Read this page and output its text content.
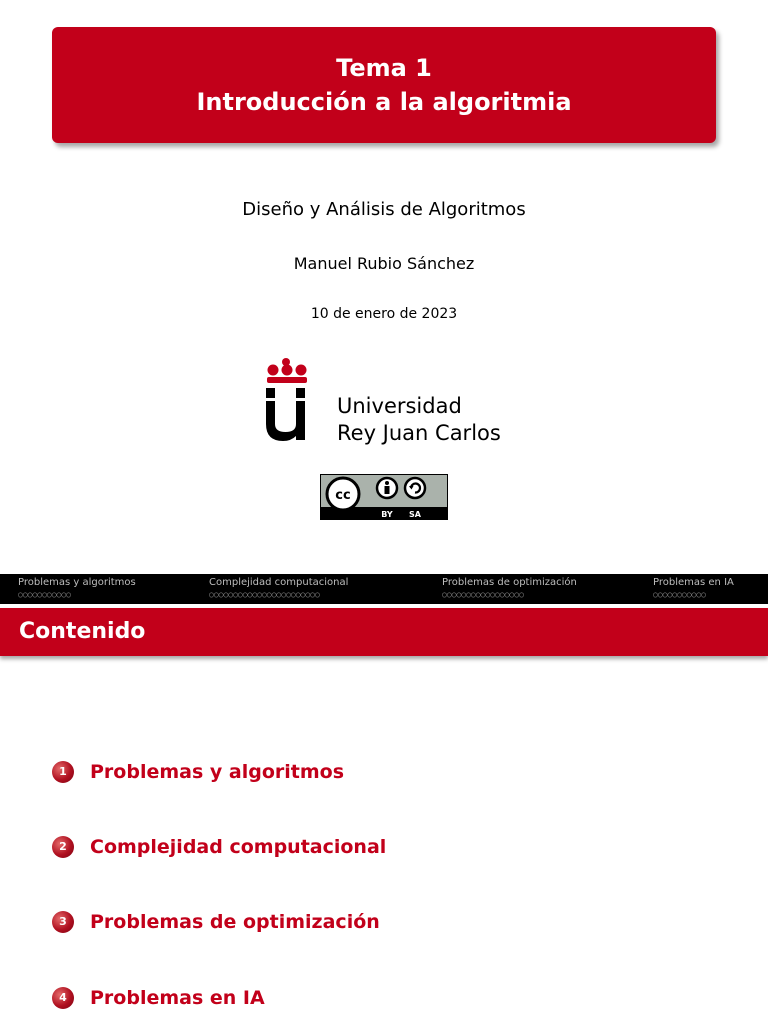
Tema 1
Introducción a la algoritmia
Diseño y Análisis de Algoritmos
Manuel Rubio Sánchez
10 de enero de 2023
Universidad
Rey Juan Carlos
cc
BY SA
Problemas y algoritmos
○○○○○○○○○○○
Complejidad computacional
○○○○○○○○○○○○○○○○○○○○○○○
Problemas de optimización
○○○○○○○○○○○○○○○○○
Problemas en IA
○○○○○○○○○○○
Contenido
1	Problemas y algoritmos
2	Complejidad computacional
3	Problemas de optimización
4	Problemas en IA
